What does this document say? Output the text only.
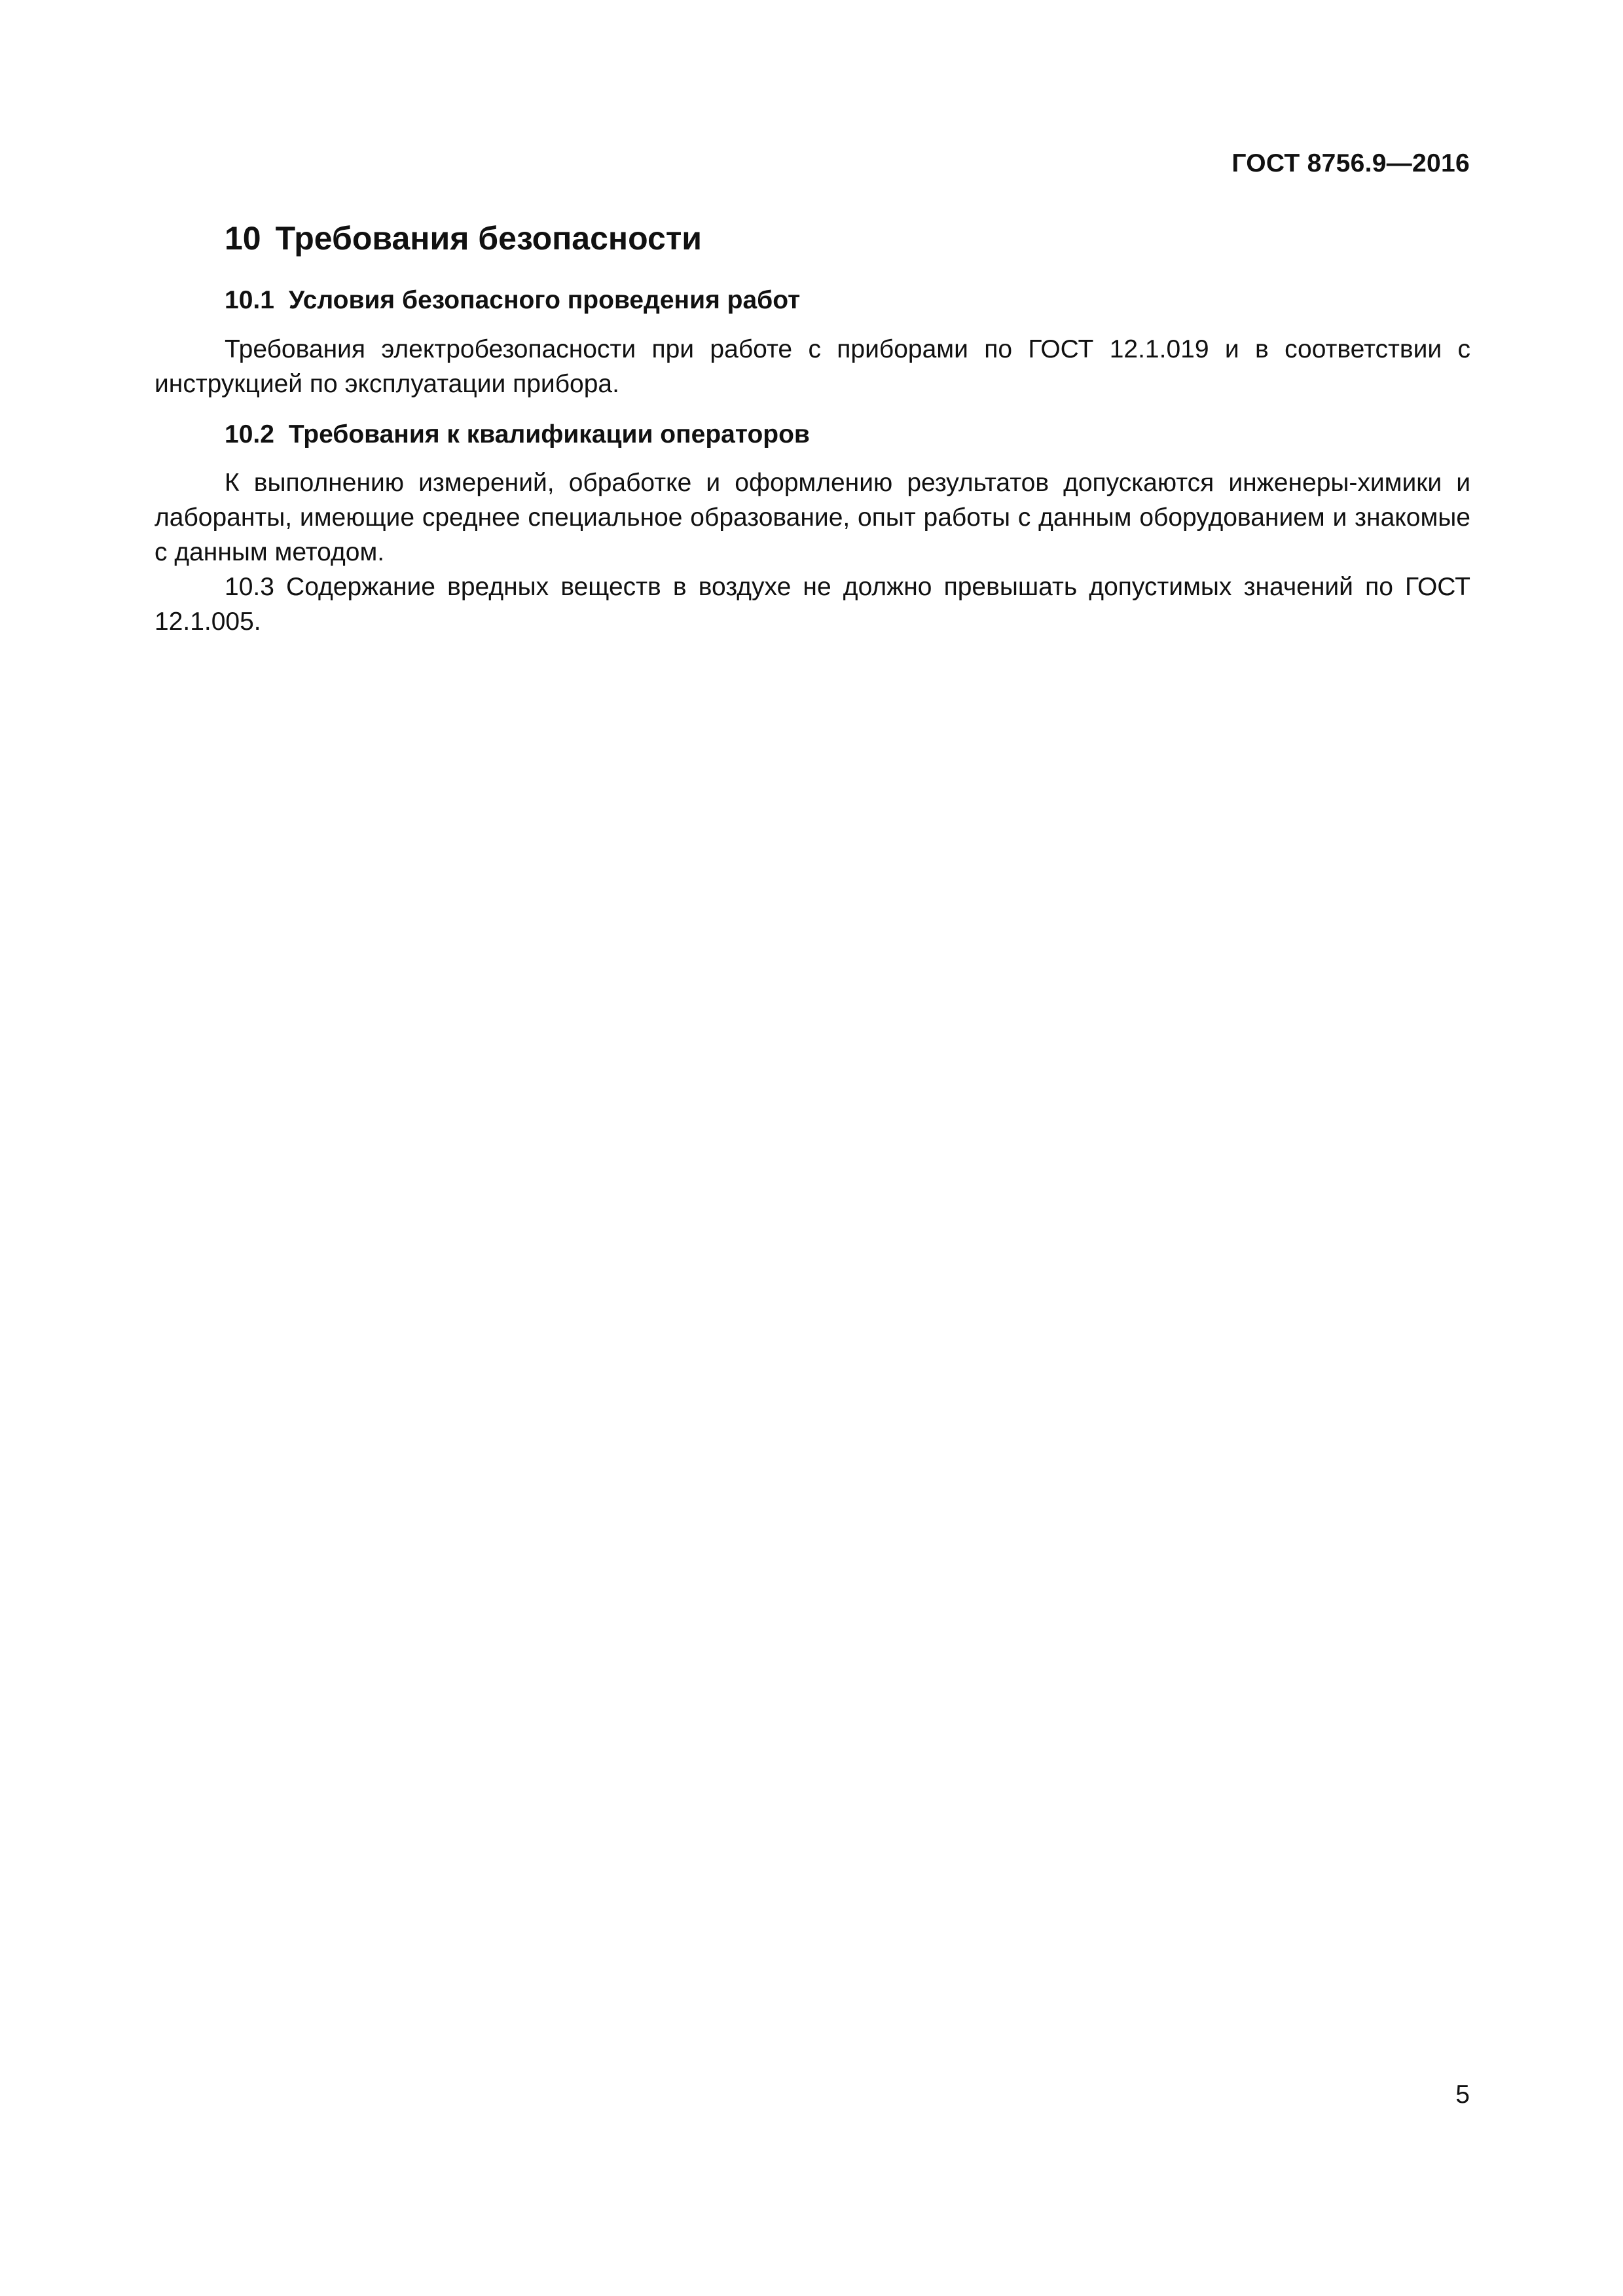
ГОСТ 8756.9—2016
10 Требования безопасности
10.1 Условия безопасного проведения работ

Требования электробезопасности при работе с приборами по ГОСТ 12.1.019 и в соответствии с инструкцией по эксплуатации прибора.

10.2 Требования к квалификации операторов

К выполнению измерений, обработке и оформлению результатов допускаются инженеры-химики и лаборанты, имеющие среднее специальное образование, опыт работы с данным оборудованием и знакомые с данным методом.

10.3 Содержание вредных веществ в воздухе не должно превышать допустимых значений по ГОСТ 12.1.005.

5
